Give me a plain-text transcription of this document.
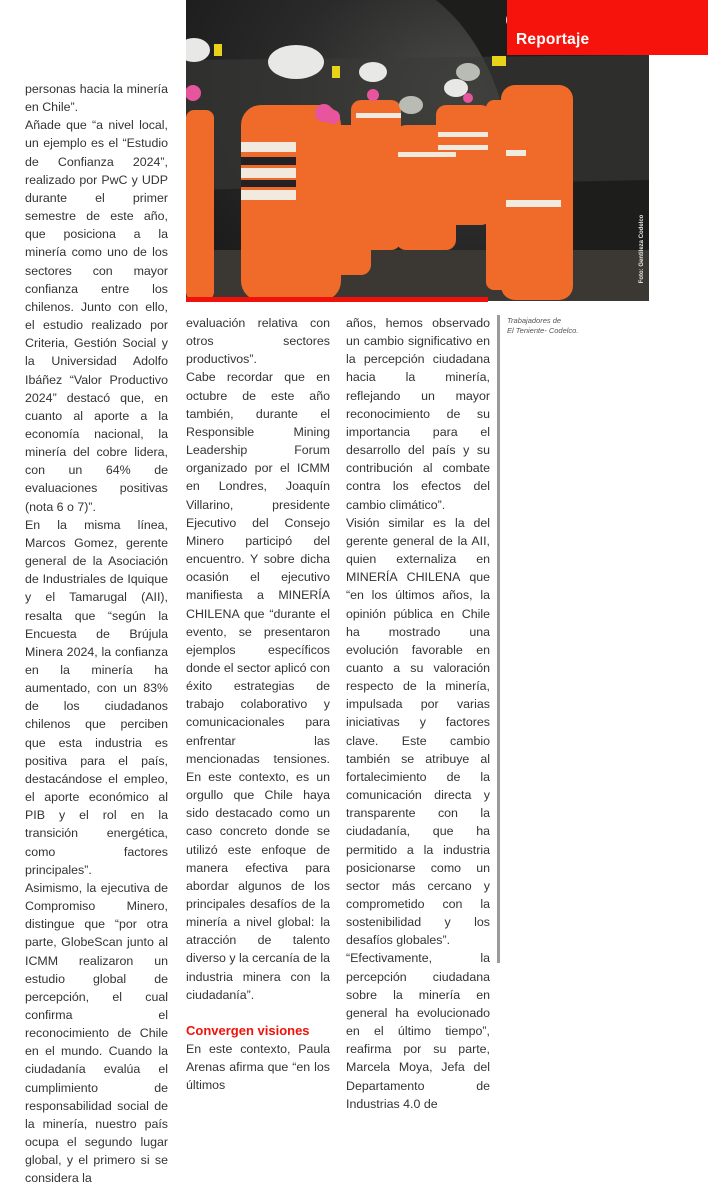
Foto: Gentileza Codelco
Reportaje

personas hacia la minería en Chile”.

Añade que “a nivel local, un ejemplo es el “Estudio de Confianza 2024”, realizado por PwC y UDP durante el primer semestre de este año, que posiciona a la minería como uno de los sectores con mayor confianza entre los chilenos. Junto con ello, el estudio realizado por Criteria, Gestión Social y la Universidad Adolfo Ibáñez “Valor Productivo 2024” destacó que, en cuanto al aporte a la economía nacional, la minería del cobre lidera, con un 64% de evaluaciones positivas (nota 6 o 7)”.

En la misma línea, Marcos Gomez, gerente general de la Asociación de Industriales de Iquique y el Tamarugal (AII), resalta que “según la Encuesta de Brújula Minera 2024, la confianza en la minería ha aumentado, con un 83% de los ciudadanos chilenos que perciben que esta industria es positiva para el país, destacándose el empleo, el aporte económico al PIB y el rol en la transición energética, como factores principales”.

Asimismo, la ejecutiva de Compromiso Minero, distingue que “por otra parte, GlobeScan junto al ICMM realizaron un estudio global de percepción, el cual confirma el reconocimiento de Chile en el mundo. Cuando la ciudadanía evalúa el cumplimiento de responsabilidad social de la minería, nuestro país ocupa el segundo lugar global, y el primero si se considera la

evaluación relativa con otros sectores productivos”.

Cabe recordar que en octubre de este año también, durante el Responsible Mining Leadership Forum organizado por el ICMM en Londres, Joaquín Villarino, presidente Ejecutivo del Consejo Minero participó del encuentro. Y sobre dicha ocasión el ejecutivo manifiesta a MINERÍA CHILENA que “durante el evento, se presentaron ejemplos específicos donde el sector aplicó con éxito estrategias de trabajo colaborativo y comunicacionales para enfrentar las mencionadas tensiones. En este contexto, es un orgullo que Chile haya sido destacado como un caso concreto donde se utilizó este enfoque de manera efectiva para abordar algunos de los principales desafíos de la minería a nivel global: la atracción de talento diverso y la cercanía de la industria minera con la ciudadanía”.

Convergen visiones

En este contexto, Paula Arenas afirma que “en los últimos

años, hemos observado un cambio significativo en la percepción ciudadana hacia la minería, reflejando un mayor reconocimiento de su importancia para el desarrollo del país y su contribución al combate contra los efectos del cambio climático”.

Visión similar es la del gerente general de la AII, quien externaliza en MINERÍA CHILENA que “en los últimos años, la opinión pública en Chile ha mostrado una evolución favorable en cuanto a su valoración respecto de la minería, impulsada por varias iniciativas y factores clave. Este cambio también se atribuye al fortalecimiento de la comunicación directa y transparente con la ciudadanía, que ha permitido a la industria posicionarse como un sector más cercano y comprometido con la sostenibilidad y los desafíos globales”.

“Efectivamente, la percepción ciudadana sobre la minería en general ha evolucionado en el último tiempo”, reafirma por su parte, Marcela Moya, Jefa del Departamento de Industrias 4.0 de

Trabajadores de
El Teniente- Codelco.
